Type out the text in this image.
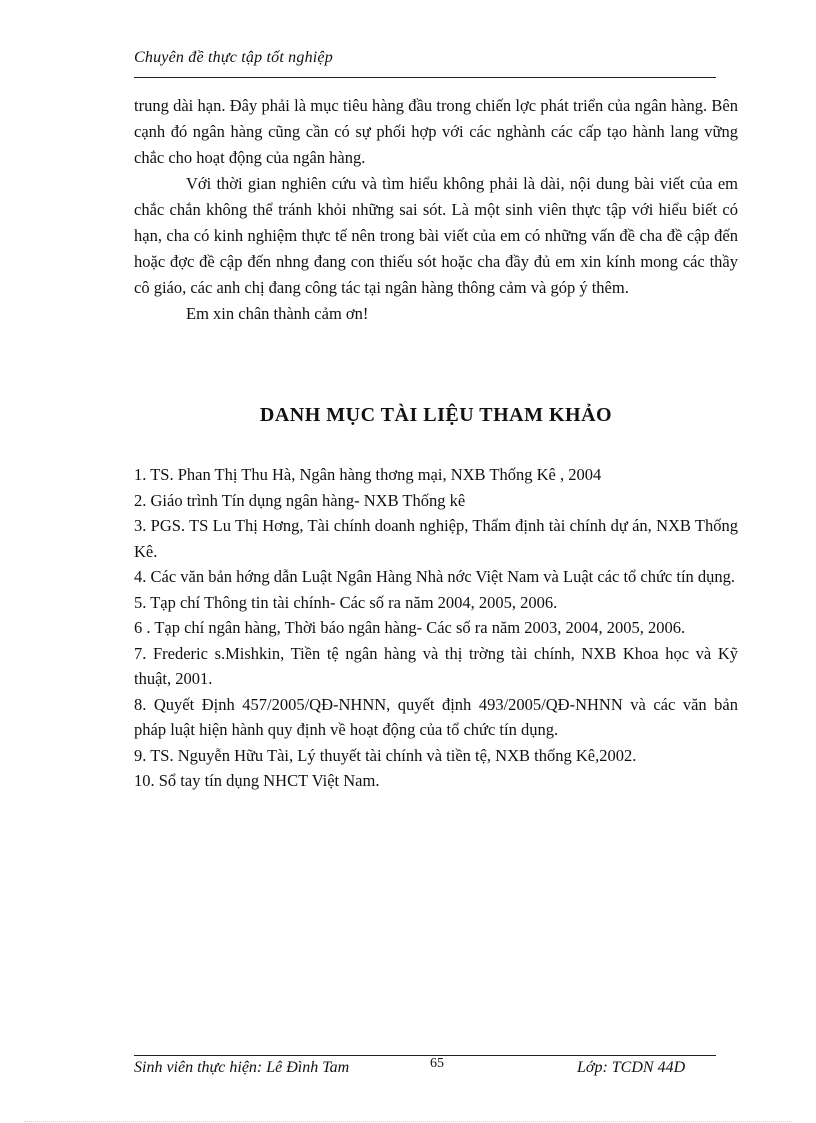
Chuyên đề thực tập tốt nghiệp

trung dài hạn. Đây phải là mục tiêu hàng đầu trong chiến lợc phát triển của ngân hàng. Bên cạnh đó ngân hàng cũng cần có sự phối hợp với các nghành các cấp tạo hành lang vững chắc cho hoạt động của ngân hàng.

Với thời gian nghiên cứu và tìm hiểu không phải là dài, nội dung bài viết của em chắc chắn không thể tránh khỏi những sai sót. Là một sinh viên thực tập với hiểu biết có hạn, cha có kinh nghiệm thực tế nên trong bài viết của em có những vấn đề cha đề cập đến hoặc đợc đề cập đến nhng đang con thiếu sót hoặc cha đầy đủ em xin kính mong các thầy cô giáo, các anh chị đang công tác tại ngân hàng thông cảm và góp ý thêm.

Em xin chân thành cảm ơn!

DANH MỤC TÀI LIỆU THAM KHẢO
1. TS. Phan Thị Thu Hà, Ngân hàng thơng mại, NXB Thống Kê , 2004
2. Giáo trình Tín dụng ngân hàng- NXB Thống kê
3. PGS. TS Lu Thị Hơng, Tài chính doanh nghiệp, Thẩm định tài chính dự án, NXB Thống Kê.
4. Các văn bản hớng dẫn Luật Ngân Hàng Nhà nớc Việt Nam và Luật các tổ chức tín dụng.
5. Tạp chí Thông tin tài chính- Các số ra năm 2004, 2005, 2006.
6 . Tạp chí ngân hàng, Thời báo ngân hàng- Các số ra năm 2003, 2004, 2005, 2006.
7. Frederic s.Mishkin, Tiền tệ ngân hàng và thị trờng tài chính, NXB Khoa học và Kỹ thuật, 2001.
8. Quyết Định 457/2005/QĐ-NHNN, quyết định 493/2005/QĐ-NHNN và các văn bản pháp luật hiện hành quy định về hoạt động của tổ chức tín dụng.
9. TS. Nguyễn Hữu Tài, Lý thuyết tài chính và tiền tệ, NXB thống Kê,2002.
10. Sổ tay tín dụng NHCT Việt Nam.
Sinh viên thực hiện: Lê Đình Tam	65	Lớp: TCDN 44D
